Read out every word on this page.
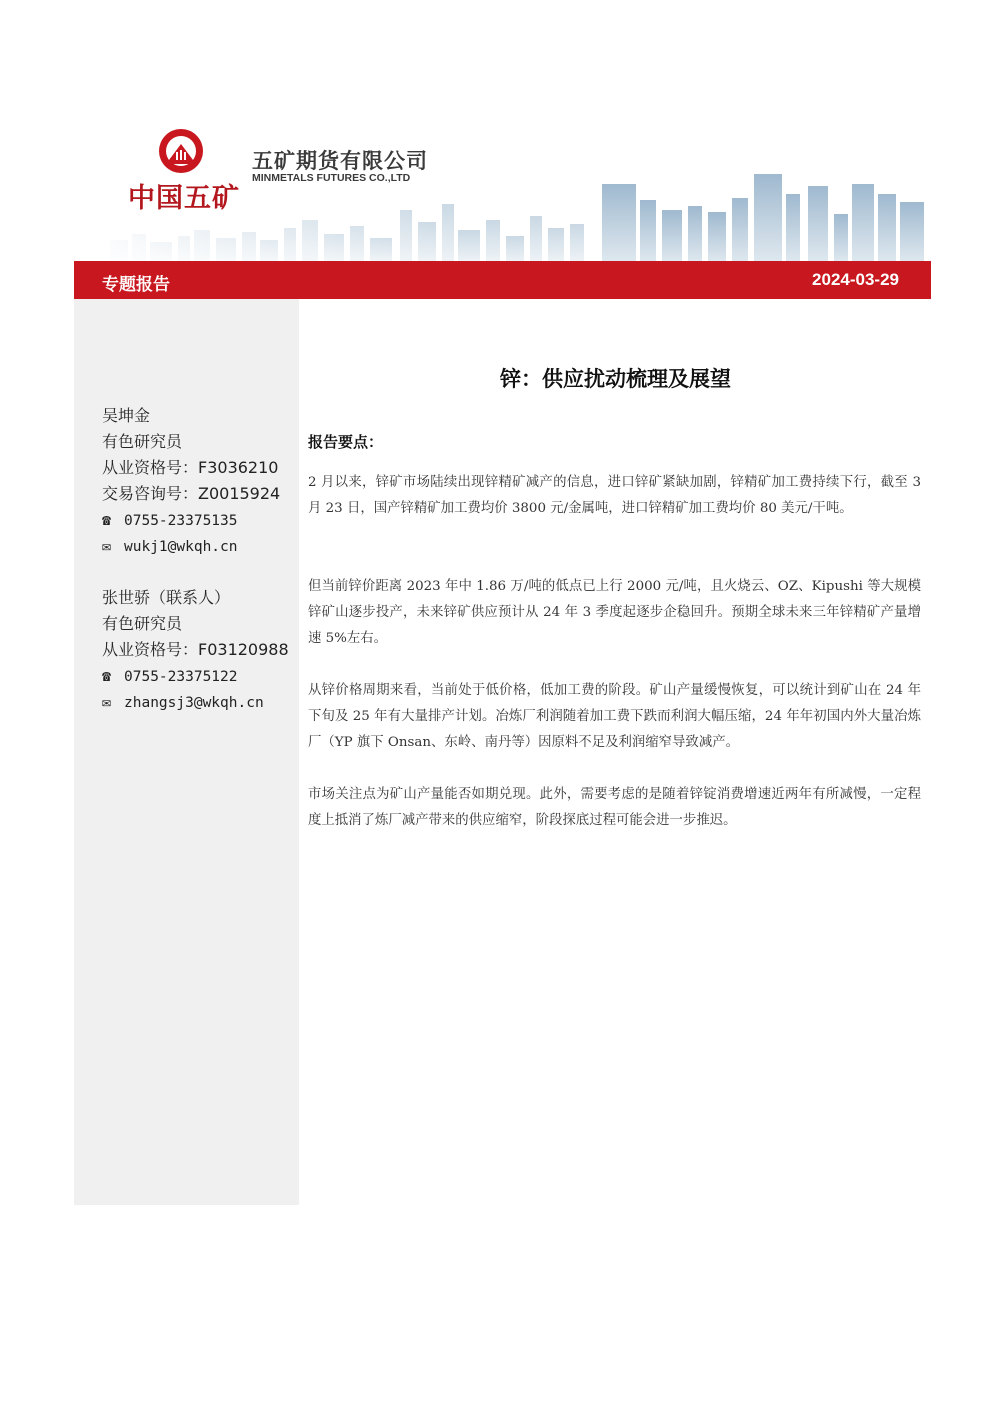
中国五矿
五矿期货有限公司
MINMETALS FUTURES CO.,LTD
专题报告	2024-03-29
吴坤金
有色研究员
从业资格号：F3036210
交易咨询号：Z0015924
☎ 0755-23375135
✉ wukj1@wkqh.cn
张世骄（联系人）
有色研究员
从业资格号：F03120988
☎ 0755-23375122
✉ zhangsj3@wkqh.cn
锌：供应扰动梳理及展望
报告要点：

2 月以来，锌矿市场陆续出现锌精矿减产的信息，进口锌矿紧缺加剧，锌精矿加工费持续下行，截至 3 月 23 日，国产锌精矿加工费均价 3800 元/金属吨，进口锌精矿加工费均价 80 美元/干吨。

但当前锌价距离 2023 年中 1.86 万/吨的低点已上行 2000 元/吨，且火烧云、OZ、Kipushi 等大规模锌矿山逐步投产，未来锌矿供应预计从 24 年 3 季度起逐步企稳回升。预期全球未来三年锌精矿产量增速 5%左右。

从锌价格周期来看，当前处于低价格，低加工费的阶段。矿山产量缓慢恢复，可以统计到矿山在 24 年下旬及 25 年有大量排产计划。冶炼厂利润随着加工费下跌而利润大幅压缩，24 年年初国内外大量冶炼厂（YP 旗下 Onsan、东岭、南丹等）因原料不足及利润缩窄导致减产。

市场关注点为矿山产量能否如期兑现。此外，需要考虑的是随着锌锭消费增速近两年有所减慢，一定程度上抵消了炼厂减产带来的供应缩窄，阶段探底过程可能会进一步推迟。
